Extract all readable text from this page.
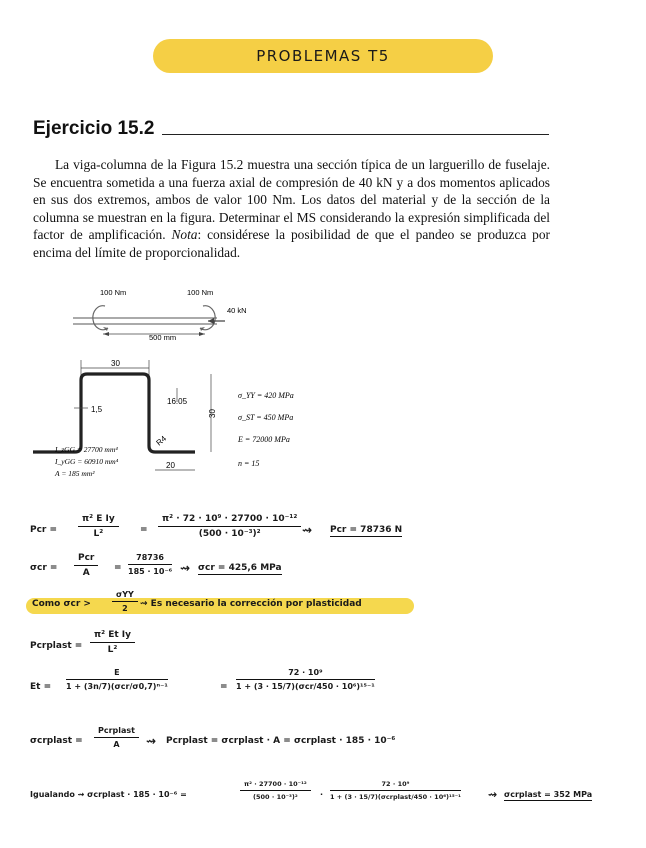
PROBLEMAS T5
Ejercicio 15.2

La viga-columna de la Figura 15.2 muestra una sección típica de un larguerillo de fuselaje. Se encuentra sometida a una fuerza axial de compresión de 40 kN y a dos momentos aplicados en sus dos extremos, ambos de valor 100 Nm. Los datos del material y de la sección de la columna se muestran en la figura. Determinar el MS considerando la expresión simplificada del factor de amplificación. Nota: considérese la posibilidad de que el pandeo se produzca por encima del límite de proporcionalidad.

100 Nm	100 Nm
40 kN
500 mm
30
1,5
16.05
30
R4
20
I_zGG = 27700 mm⁴
I_yGG = 60910 mm⁴
A = 185 mm²
σ_YY = 420 MPa
σ_ST = 450 MPa
E = 72000 MPa
n = 15
Pcr = $\frac{\text{π² E Iy}}{\text{L²}} = \frac{\text{π² · 72 · 10⁹ · 27700 · 10⁻¹²}}{\text{(500 · 10⁻³)²}}$ ⇝ Pcr = 78736 N
σcr =
Pcr
A	= $\frac{78736}{\text{185 · 10⁻⁶}}$ ⇝ σcr = 425,6 MPa
Como σcr >
σYY
2	⇝ Es necesario la corrección por plasticidad
Pcrplast = $\frac{\text{π² Et Iy}}{\text{L²}}$
Et =
E
1 + (3n/7)(σcr/σ0,7)ⁿ⁻¹	=
72 · 10⁹
1 + (3 · 15/7)(σcr/450 · 10⁶)¹⁵⁻¹
σcrplast =
Pcrplast
A	⇝ Pcrplast = σcrplast · A = σcrplast · 185 · 10⁻⁶
Igualando ⇝ σcrplast · 185 · 10⁻⁶ =	$\frac{\text{π² · 27700 · 10⁻¹²}}{\text{(500 · 10⁻³)²}}$ ·
72 · 10⁹
1 + (3 · 15/7)(σcrplast/450 · 10⁶)¹⁵⁻¹ ⇝ σcrplast = 352 MPa
